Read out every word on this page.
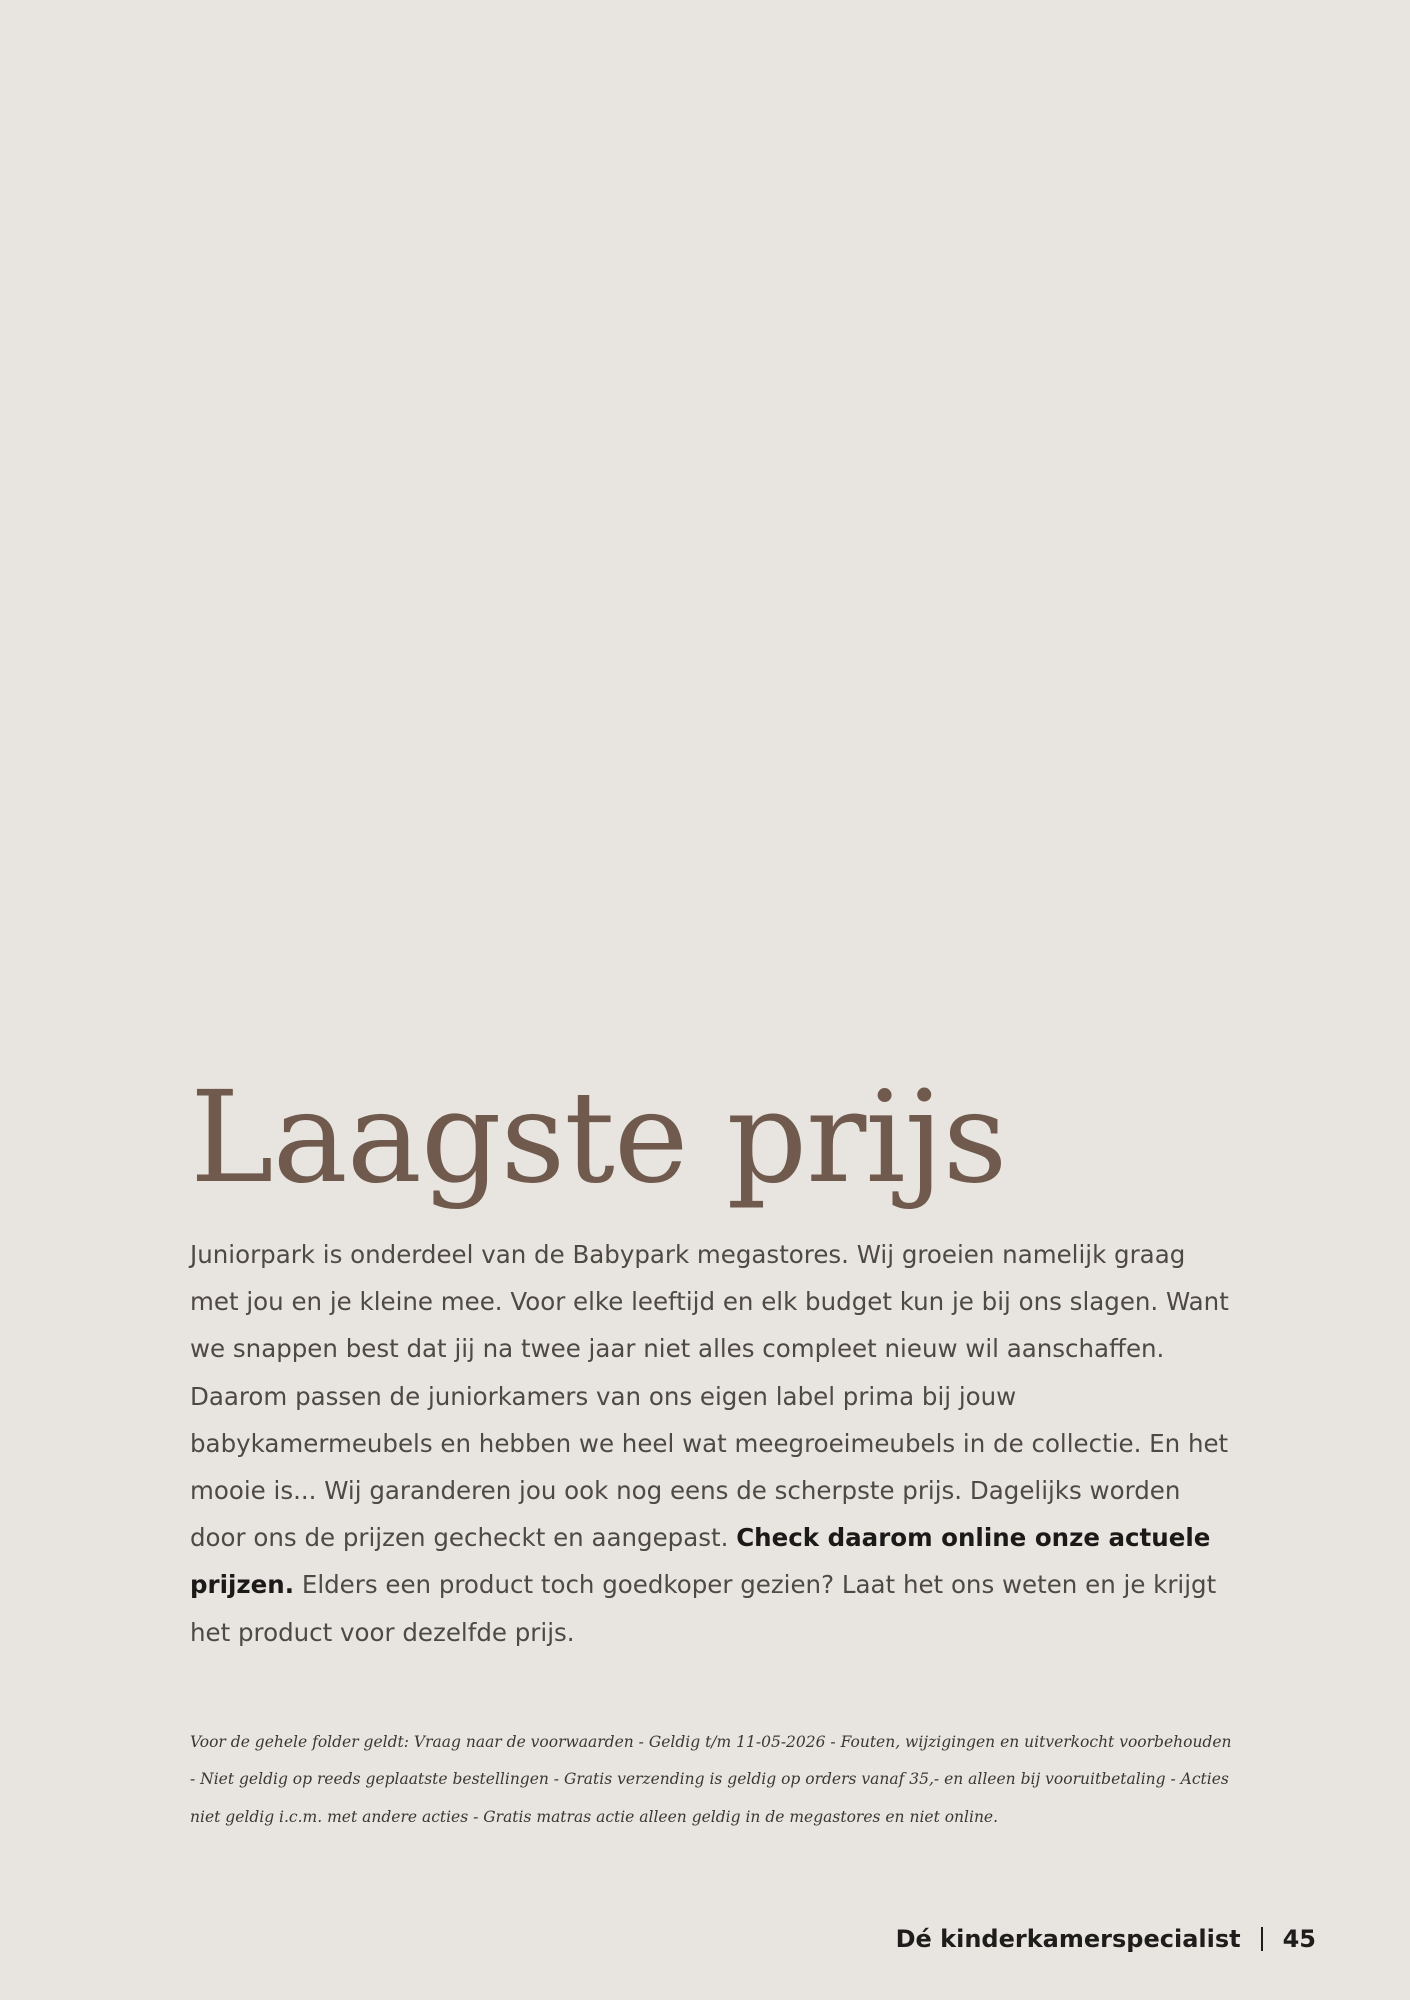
Laagste prijs

Juniorpark is onderdeel van de Babypark megastores. Wij groeien namelijk graag met jou en je kleine mee. Voor elke leeftijd en elk budget kun je bij ons slagen. Want we snappen best dat jij na twee jaar niet alles compleet nieuw wil aanschaffen. Daarom passen de juniorkamers van ons eigen label prima bij jouw babykamermeubels en hebben we heel wat meegroeimeubels in de collectie. En het mooie is... Wij garanderen jou ook nog eens de scherpste prijs. Dagelijks worden door ons de prijzen gecheckt en aangepast. Check daarom online onze actuele prijzen. Elders een product toch goedkoper gezien? Laat het ons weten en je krijgt het product voor dezelfde prijs.

Voor de gehele folder geldt: Vraag naar de voorwaarden - Geldig t/m 11-05-2026 - Fouten, wijzigingen en uitverkocht voorbehouden
- Niet geldig op reeds geplaatste bestellingen - Gratis verzending is geldig op orders vanaf 35,- en alleen bij vooruitbetaling - Acties
niet geldig i.c.m. met andere acties - Gratis matras actie alleen geldig in de megastores en niet online.
Dé kinderkamerspecialist 45
